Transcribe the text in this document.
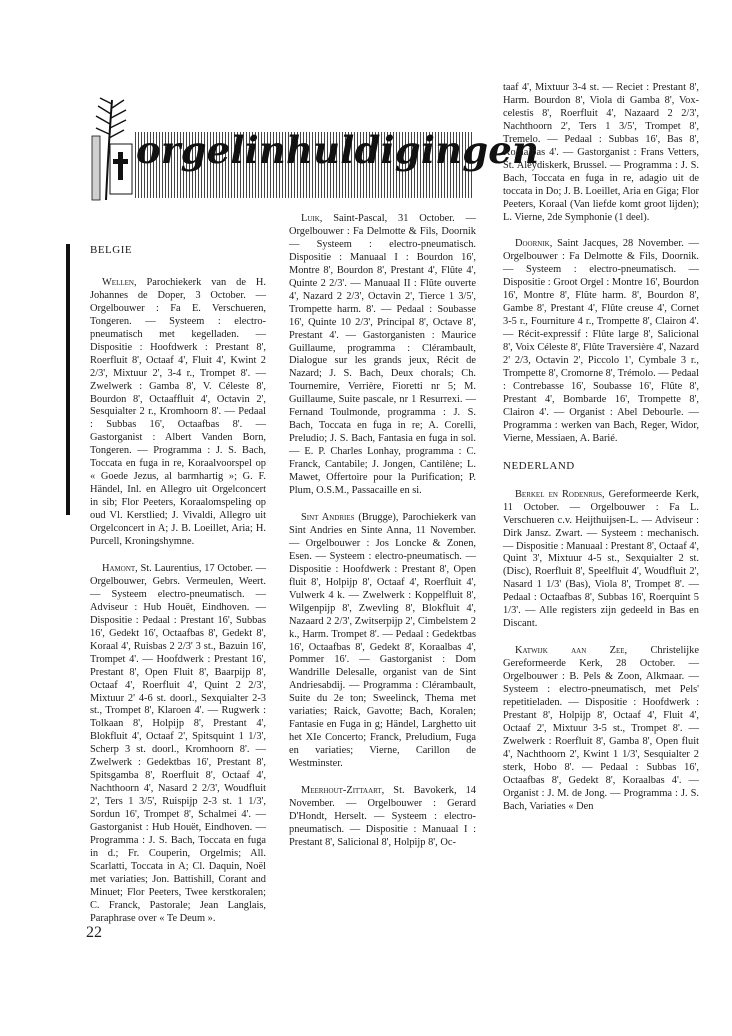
orgelinhuldigingen
BELGIE

Wellen, Parochiekerk van de H. Johannes de Doper, 3 October. — Orgelbouwer : Fa E. Verschueren, Tongeren. — Systeem : electro-pneumatisch met kegelladen. — Dispositie : Hoofdwerk : Prestant 8', Roerfluit 8', Octaaf 4', Fluit 4', Kwint 2 2/3', Mixtuur 2', 3-4 r., Trompet 8'. — Zwelwerk : Gamba 8', V. Céleste 8', Bourdon 8', Octaaffluit 4', Octavin 2', Sesquialter 2 r., Kromhoorn 8'. — Pedaal : Subbas 16', Octaafbas 8'. — Gastorganist : Albert Vanden Born, Tongeren. — Programma : J. S. Bach, Toccata en fuga in re, Koraalvoorspel op « Goede Jezus, al barmhartig »; G. F. Händel, Inl. en Allegro uit Orgelconcert in sib; Flor Peeters, Koraalomspeling op oud Vl. Kerstlied; J. Vivaldi, Allegro uit Orgelconcert in A; J. B. Loeillet, Aria; H. Purcell, Kroningshymne.

Hamont, St. Laurentius, 17 October. — Orgelbouwer, Gebrs. Vermeulen, Weert. — Systeem electro-pneumatisch. — Adviseur : Hub Houët, Eindhoven. — Dispositie : Pedaal : Prestant 16', Subbas 16', Gedekt 16', Octaafbas 8', Gedekt 8', Koraal 4', Ruisbas 2 2/3' 3 st., Bazuin 16', Trompet 4'. — Hoofdwerk : Prestant 16', Prestant 8', Open Fluit 8', Baarpijp 8', Octaaf 4', Roerfluit 4', Quint 2 2/3', Mixtuur 2' 4-6 st. doorl., Sexquialter 2-3 st., Trompet 8', Klaroen 4'. — Rugwerk : Tolkaan 8', Holpijp 8', Prestant 4', Blokfluit 4', Octaaf 2', Spitsquint 1 1/3', Scherp 3 st. doorl., Kromhoorn 8'. — Zwelwerk : Gedektbas 16', Prestant 8', Spitsgamba 8', Roerfluit 8', Octaaf 4', Nachthoorn 4', Nasard 2 2/3', Woudfluit 2', Ters 1 3/5', Ruispijp 2-3 st. 1 1/3', Sordun 16', Trompet 8', Schalmei 4'. — Gastorganist : Hub Houët, Eindhoven. — Programma : J. S. Bach, Toccata en fuga in d.; Fr. Couperin, Orgelmis; All. Scarlatti, Toccata in A; Cl. Daquin, Noël met variaties; Jon. Battishill, Corant and Minuet; Flor Peeters, Twee kerstkoralen; C. Franck, Pastorale; Jean Langlais, Paraphrase over « Te Deum ».

Luik, Saint-Pascal, 31 October. — Orgelbouwer : Fa Delmotte & Fils, Doornik — Systeem : electro-pneumatisch. Dispositie : Manuaal I : Bourdon 16', Montre 8', Bourdon 8', Prestant 4', Flûte 4', Quinte 2 2/3'. — Manuaal II : Flûte ouverte 4', Nazard 2 2/3', Octavin 2', Tierce 1 3/5', Trompette harm. 8'. — Pedaal : Soubasse 16', Quinte 10 2/3', Principal 8', Octave 8', Prestant 4'. — Gastorganisten : Maurice Guillaume, programma : Clérambault, Dialogue sur les grands jeux, Récit de Nazard; J. S. Bach, Deux chorals; Ch. Tournemire, Verrière, Fioretti nr 5; M. Guillaume, Suite pascale, nr 1 Resurrexi. — Fernand Toulmonde, programma : J. S. Bach, Toccata en fuga in re; A. Corelli, Preludio; J. S. Bach, Fantasia en fuga in sol. — E. P. Charles Lonhay, programma : C. Franck, Cantabile; J. Jongen, Cantilène; L. Mawet, Offertoire pour la Purification; P. Plum, O.S.M., Passacaille en si.

Sint Andries (Brugge), Parochiekerk van Sint Andries en Sinte Anna, 11 November. — Orgelbouwer : Jos Loncke & Zonen, Esen. — Systeem : electro-pneumatisch. — Dispositie : Hoofdwerk : Prestant 8', Open fluit 8', Holpijp 8', Octaaf 4', Roerfluit 4', Vulwerk 4 k. — Zwelwerk : Koppelfluit 8', Wilgenpijp 8', Zwevling 8', Blokfluit 4', Nazaard 2 2/3', Zwitserpijp 2', Cimbelstem 2 k., Harm. Trompet 8'. — Pedaal : Gedektbas 16', Octaafbas 8', Gedekt 8', Koraalbas 4', Pommer 16'. — Gastorganist : Dom Wandrille Delesalle, organist van de Sint Andriesabdij. — Programma : Clérambault, Suite du 2e ton; Sweelinck, Thema met variaties; Raick, Gavotte; Bach, Koralen; Fantasie en Fuga in g; Händel, Larghetto uit het XIe Concerto; Franck, Preludium, Fuga en variaties; Vierne, Carillon de Westminster.

Meerhout-Zittaart, St. Bavokerk, 14 November. — Orgelbouwer : Gerard D'Hondt, Herselt. — Systeem : electro-pneumatisch. — Dispositie : Manuaal I : Prestant 8', Salicional 8', Holpijp 8', Oc-

taaf 4', Mixtuur 3-4 st. — Reciet : Prestant 8', Harm. Bourdon 8', Viola di Gamba 8', Vox-celestis 8', Roerfluit 4', Nazaard 2 2/3', Nachthoorn 2', Ters 1 3/5', Trompet 8', Tremelo. — Pedaal : Subbas 16', Bas 8', Koraalbas 4'. — Gastorganist : Frans Vetters, St. Aleydiskerk, Brussel. — Programma : J. S. Bach, Toccata en fuga in re, adagio uit de toccata in Do; J. B. Loeillet, Aria en Giga; Flor Peeters, Koraal (Van liefde komt groot lijden); L. Vierne, 2de Symphonie (1 deel).

Doornik, Saint Jacques, 28 November. — Orgelbouwer : Fa Delmotte & Fils, Doornik. — Systeem : electro-pneumatisch. — Dispositie : Groot Orgel : Montre 16', Bourdon 16', Montre 8', Flûte harm. 8', Bourdon 8', Gambe 8', Prestant 4', Flûte creuse 4', Cornet 3-5 r., Fourniture 4 r., Trompette 8', Clairon 4'. — Récit-expressif : Flûte large 8', Salicional 8', Voix Céleste 8', Flûte Traversière 4', Nazard 2' 2/3, Octavin 2', Piccolo 1', Cymbale 3 r., Trompette 8', Cromorne 8', Trémolo. — Pedaal : Contrebasse 16', Soubasse 16', Flûte 8', Prestant 4', Bombarde 16', Trompette 8', Clairon 4'. — Organist : Abel Debourle. — Programma : werken van Bach, Reger, Widor, Vierne, Messiaen, A. Barié.

NEDERLAND

Berkel en Rodenrijs, Gereformeerde Kerk, 11 October. — Orgelbouwer : Fa L. Verschueren c.v. Heijthuijsen-L. — Adviseur : Dirk Jansz. Zwart. — Systeem : mechanisch. — Dispositie : Manuaal : Prestant 8', Octaaf 4', Quint 3', Mixtuur 4-5 st., Sexquialter 2 st. (Disc), Roerfluit 8', Speelfluit 4', Woudfluit 2', Nasard 1 1/3' (Bas), Viola 8', Trompet 8'. — Pedaal : Octaafbas 8', Subbas 16', Roerquint 5 1/3'. — Alle registers zijn gedeeld in Bas en Discant.

Katwijk aan Zee, Christelijke Gereformeerde Kerk, 28 October. — Orgelbouwer : B. Pels & Zoon, Alkmaar. — Systeem : electro-pneumatisch, met Pels' repetitieladen. — Dispositie : Hoofdwerk : Prestant 8', Holpijp 8', Octaaf 4', Fluit 4', Octaaf 2', Mixtuur 3-5 st., Trompet 8'. — Zwelwerk : Roerfluit 8', Gamba 8', Open fluit 4', Nachthoorn 2', Kwint 1 1/3', Sesquialter 2 sterk, Hobo 8'. — Pedaal : Subbas 16', Octaafbas 8', Gedekt 8', Koraalbas 4'. — Organist : J. M. de Jong. — Programma : J. S. Bach, Variaties « Den

22
